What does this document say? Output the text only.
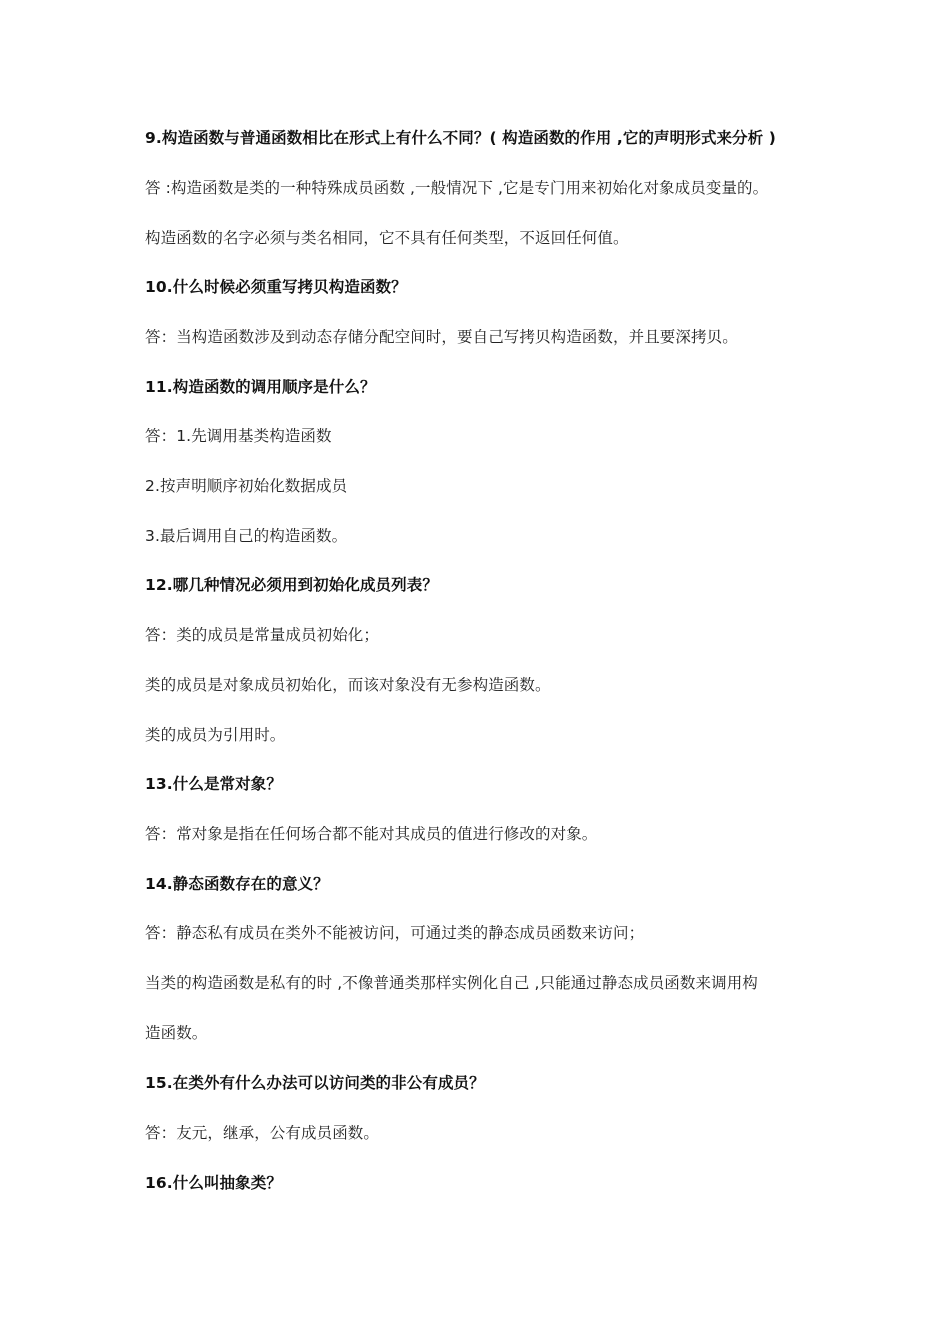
9.构造函数与普通函数相比在形式上有什么不同？( 构造函数的作用 ,它的声明形式来分析 )
答 :构造函数是类的一种特殊成员函数 ,一般情况下 ,它是专门用来初始化对象成员变量的。
构造函数的名字必须与类名相同，它不具有任何类型，不返回任何值。
10.什么时候必须重写拷贝构造函数？
答：当构造函数涉及到动态存储分配空间时，要自己写拷贝构造函数，并且要深拷贝。
11.构造函数的调用顺序是什么？
答：1.先调用基类构造函数
2.按声明顺序初始化数据成员
3.最后调用自己的构造函数。
12.哪几种情况必须用到初始化成员列表？
答：类的成员是常量成员初始化；
类的成员是对象成员初始化，而该对象没有无参构造函数。
类的成员为引用时。
13.什么是常对象？
答：常对象是指在任何场合都不能对其成员的值进行修改的对象。
14.静态函数存在的意义？
答：静态私有成员在类外不能被访问，可通过类的静态成员函数来访问；
当类的构造函数是私有的时 ,不像普通类那样实例化自己 ,只能通过静态成员函数来调用构
造函数。
15.在类外有什么办法可以访问类的非公有成员？
答：友元，继承，公有成员函数。
16.什么叫抽象类？
